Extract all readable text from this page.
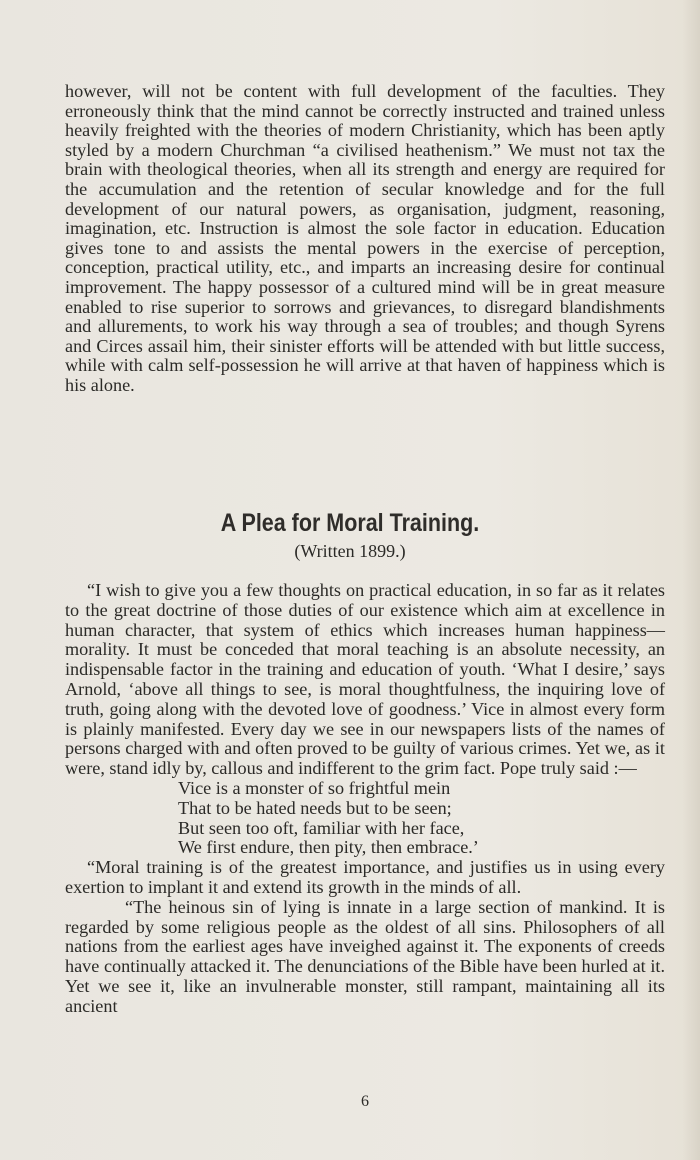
however, will not be content with full development of the faculties. They erroneously think that the mind cannot be correctly instructed and trained unless heavily freighted with the theories of modern Christianity, which has been aptly styled by a modern Churchman “a civilised heathenism.” We must not tax the brain with theological theories, when all its strength and energy are required for the accumulation and the retention of secular knowledge and for the full development of our natural powers, as organisation, judgment, reasoning, imagination, etc. Instruction is almost the sole factor in education. Education gives tone to and assists the mental powers in the exercise of perception, conception, practical utility, etc., and imparts an increasing desire for continual improvement. The happy possessor of a cultured mind will be in great measure enabled to rise superior to sorrows and grievances, to disregard blandishments and allurements, to work his way through a sea of troubles; and though Syrens and Circes assail him, their sinister efforts will be attended with but little success, while with calm self-possession he will arrive at that haven of happiness which is his alone.

A Plea for Moral Training.
(Written 1899.)

“I wish to give you a few thoughts on practical education, in so far as it relates to the great doctrine of those duties of our existence which aim at excellence in human character, that system of ethics which increases human happiness—morality. It must be conceded that moral teaching is an absolute necessity, an indispensable factor in the training and education of youth. ‘What I desire,’ says Arnold, ‘above all things to see, is moral thoughtfulness, the inquiring love of truth, going along with the devoted love of goodness.’ Vice in almost every form is plainly manifested. Every day we see in our newspapers lists of the names of persons charged with and often proved to be guilty of various crimes. Yet we, as it were, stand idly by, callous and indifferent to the grim fact. Pope truly said :—

Vice is a monster of so frightful mein
That to be hated needs but to be seen;
But seen too oft, familiar with her face,
We first endure, then pity, then embrace.’

“Moral training is of the greatest importance, and justifies us in using every exertion to implant it and extend its growth in the minds of all.

“The heinous sin of lying is innate in a large section of mankind. It is regarded by some religious people as the oldest of all sins. Philosophers of all nations from the earliest ages have inveighed against it. The exponents of creeds have continually attacked it. The denunciations of the Bible have been hurled at it. Yet we see it, like an invulnerable monster, still rampant, maintaining all its ancient

6
